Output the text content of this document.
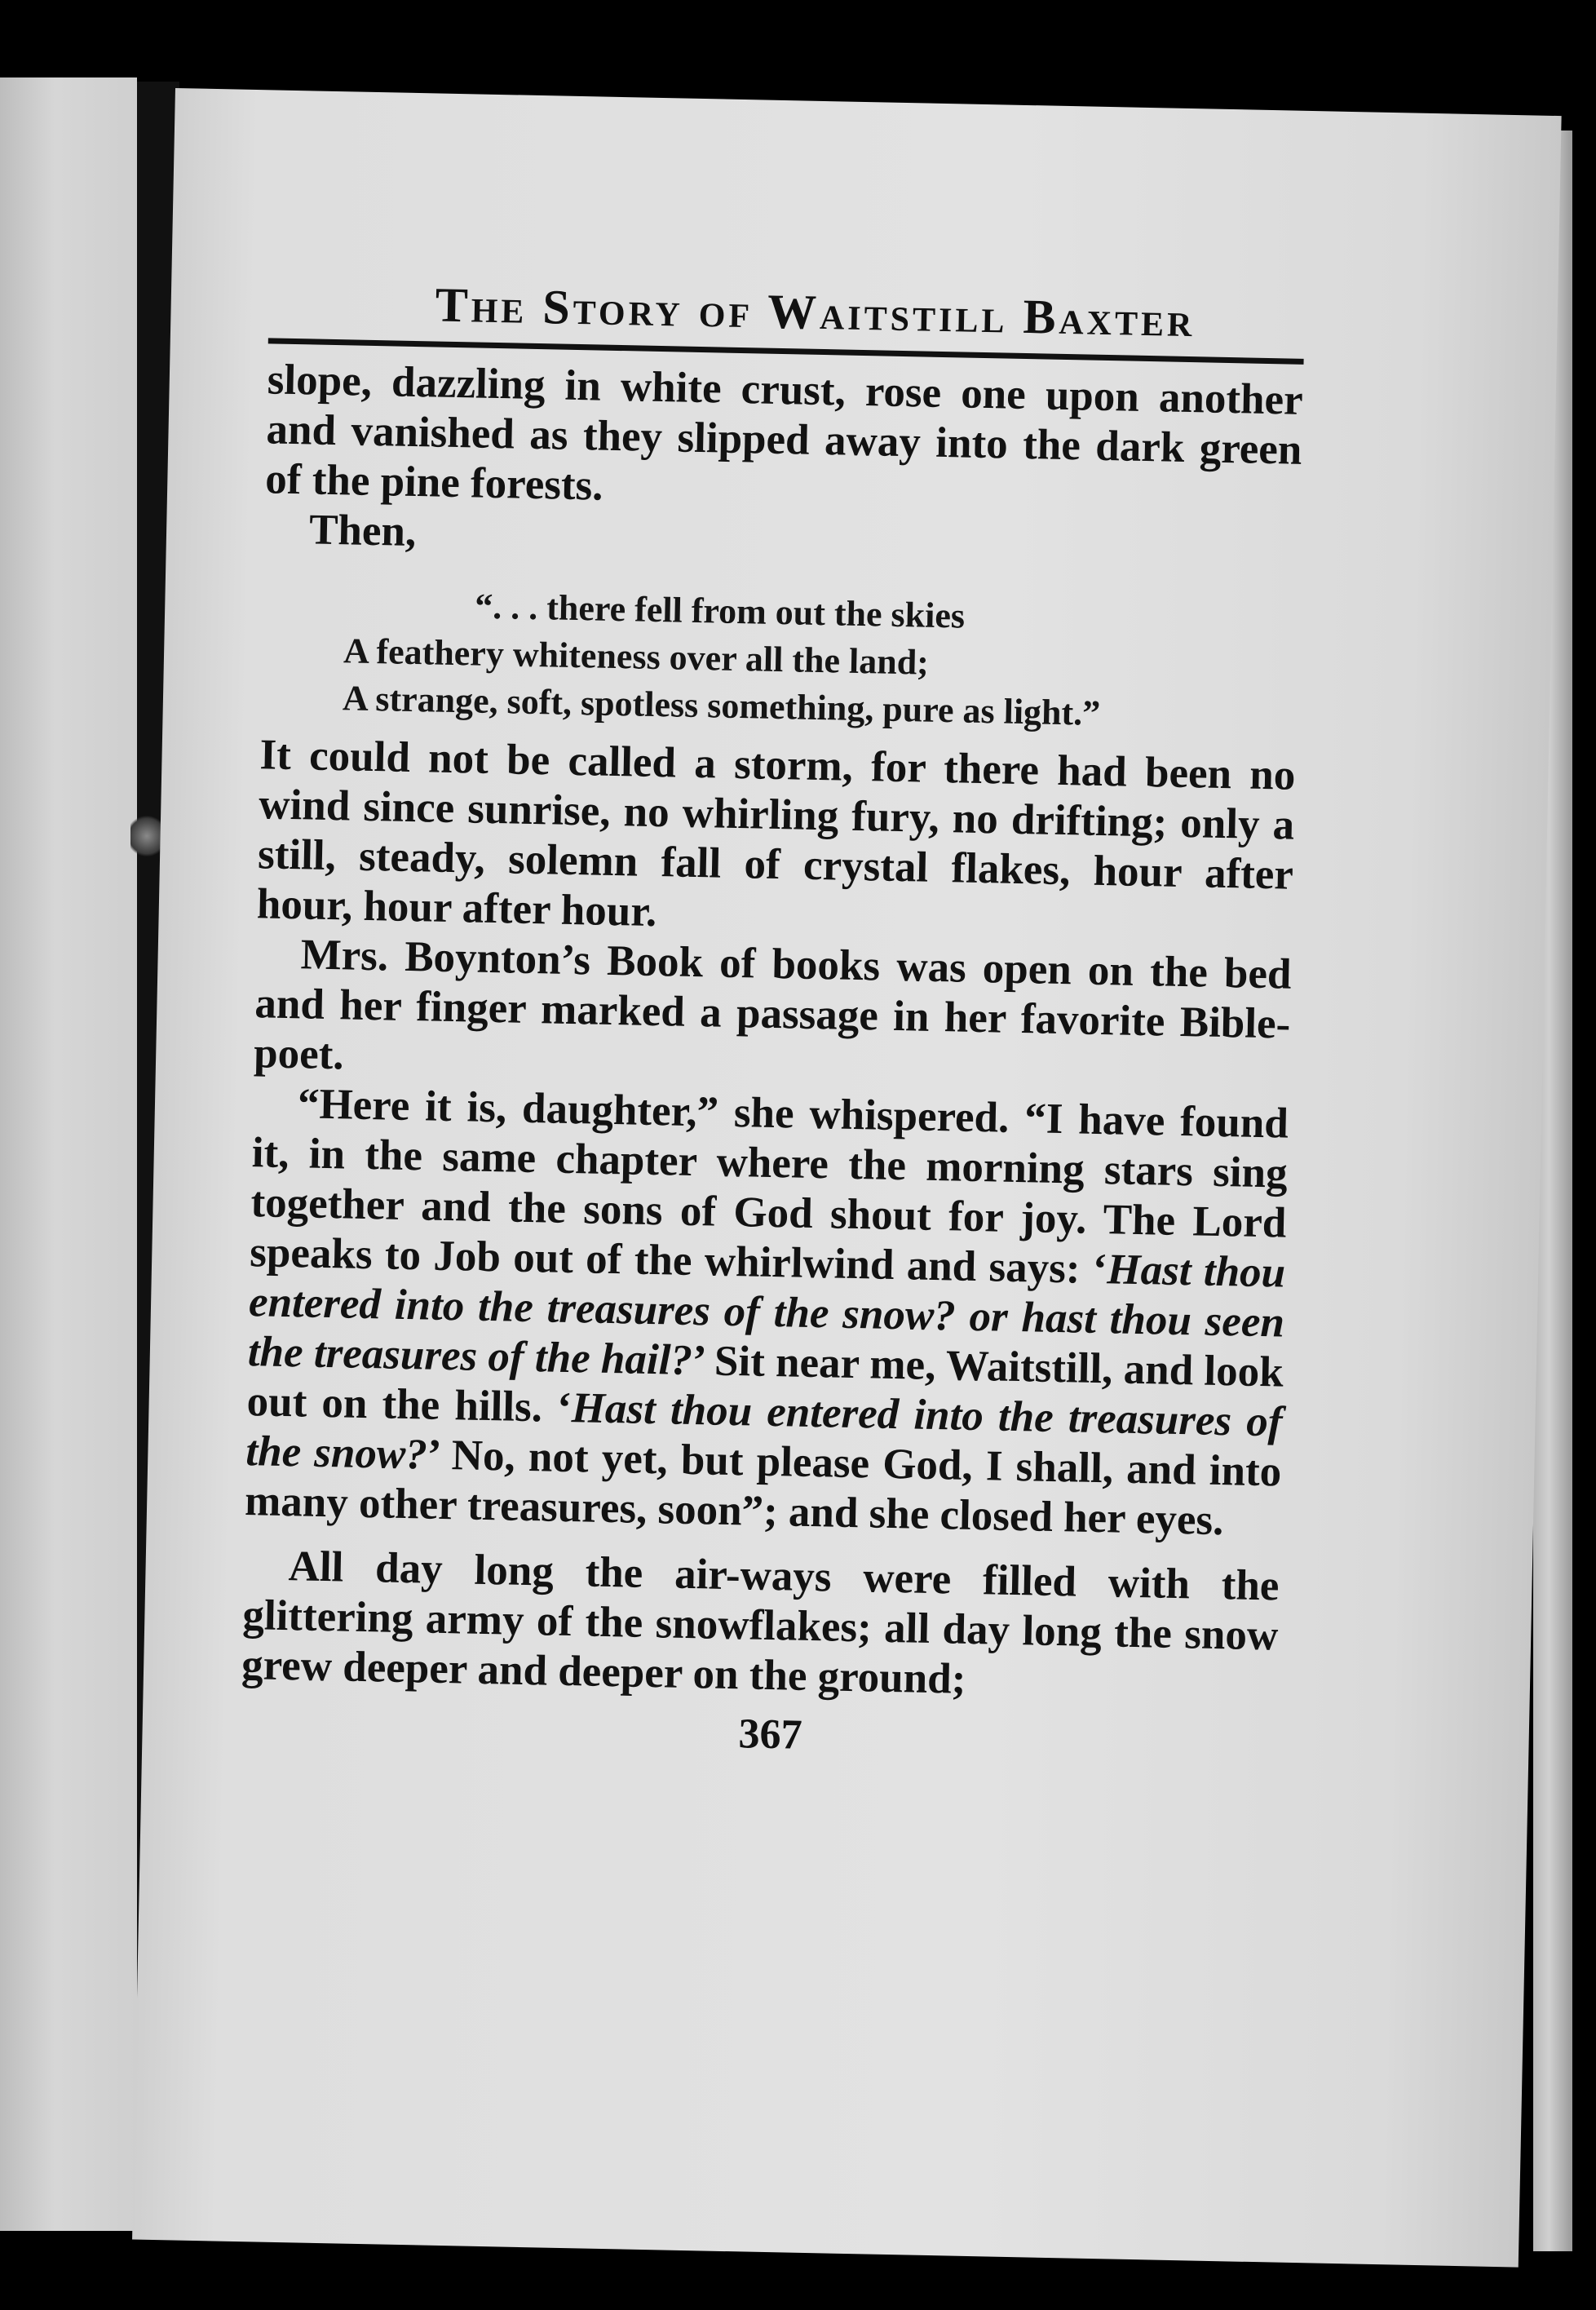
The Story of Waitstill Baxter

slope, dazzling in white crust, rose one upon another and vanished as they slipped away into the dark green of the pine forests.

Then,

“. . . there fell from out the skies
A feathery whiteness over all the land;
A strange, soft, spotless something, pure as light.”

It could not be called a storm, for there had been no wind since sunrise, no whirling fury, no drifting; only a still, steady, solemn fall of crystal flakes, hour after hour, hour after hour.

Mrs. Boynton’s Book of books was open on the bed and her finger marked a passage in her favorite Bible-poet.

“Here it is, daughter,” she whispered. “I have found it, in the same chapter where the morning stars sing together and the sons of God shout for joy. The Lord speaks to Job out of the whirlwind and says: ‘Hast thou entered into the treasures of the snow? or hast thou seen the treasures of the hail?’ Sit near me, Waitstill, and look out on the hills. ‘Hast thou entered into the treasures of the snow?’ No, not yet, but please God, I shall, and into many other treasures, soon”; and she closed her eyes.

All day long the air-ways were filled with the glittering army of the snowflakes; all day long the snow grew deeper and deeper on the ground;

367
